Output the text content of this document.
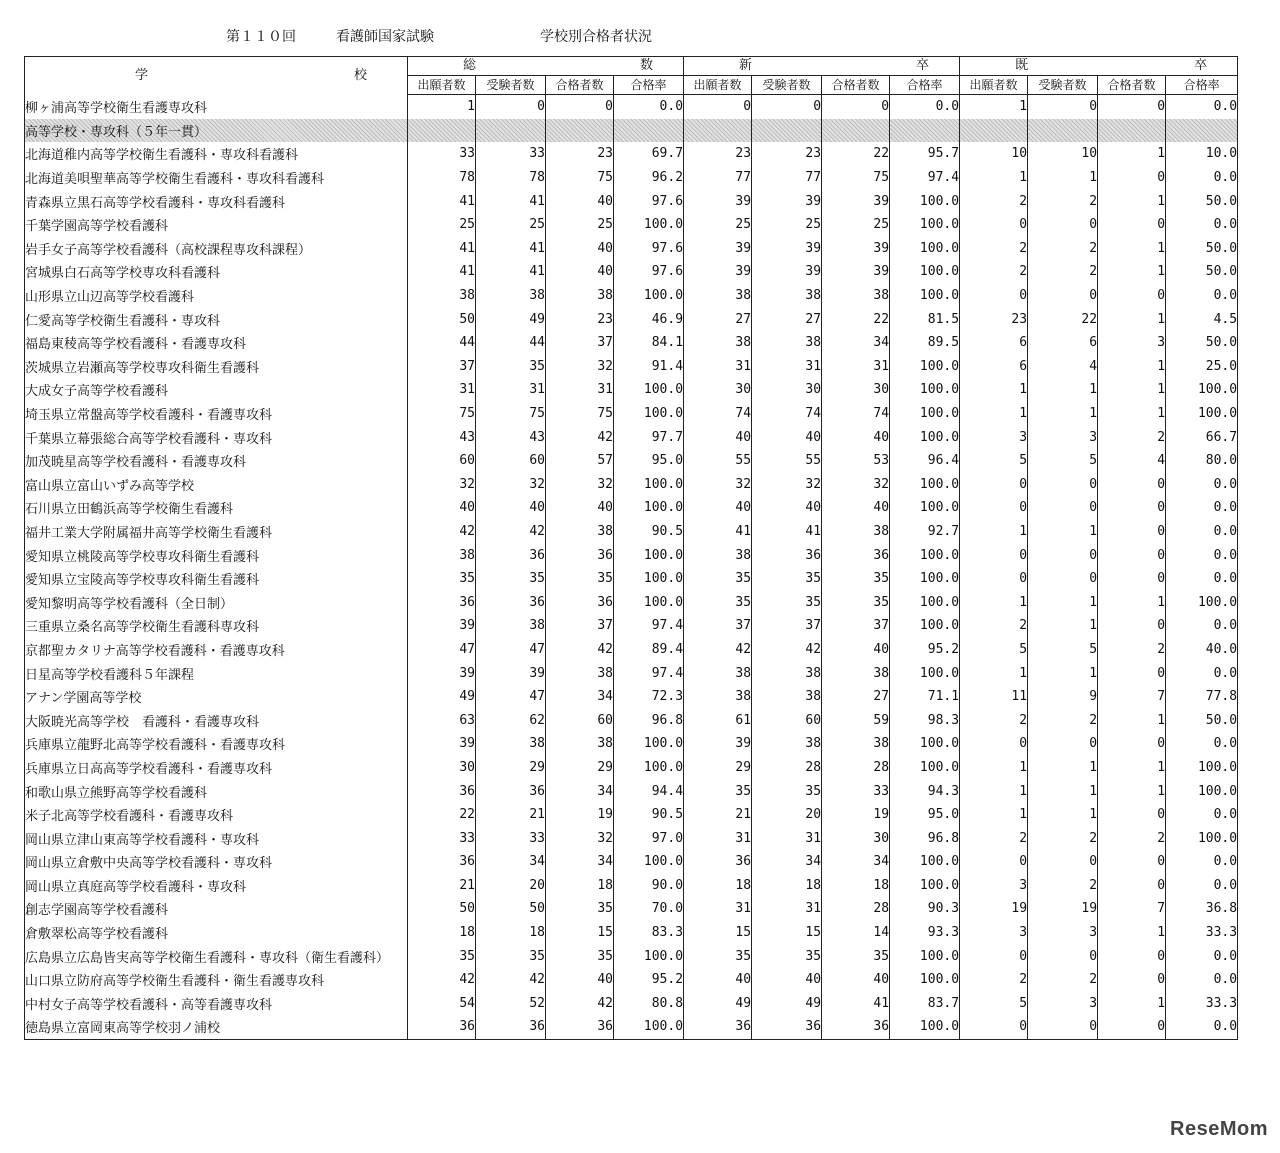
第１１０回	看護師国家試験	学校別合格者状況
学 校	総 数				新 卒				既 卒			

	出願者数	受験者数	合格者数	合格率	出願者数	受験者数	合格者数	合格率	出願者数	受験者数	合格者数	合格率
柳ヶ浦高等学校衛生看護専攻科	1	0	0	0.0	0	0	0	0.0	1	0	0	0.0
高等学校・専攻科（５年一貫）												
北海道稚内高等学校衛生看護科・専攻科看護科	33	33	23	69.7	23	23	22	95.7	10	10	1	10.0
北海道美唄聖華高等学校衛生看護科・専攻科看護科	78	78	75	96.2	77	77	75	97.4	1	1	0	0.0
青森県立黒石高等学校看護科・専攻科看護科	41	41	40	97.6	39	39	39	100.0	2	2	1	50.0
千葉学園高等学校看護科	25	25	25	100.0	25	25	25	100.0	0	0	0	0.0
岩手女子高等学校看護科（高校課程専攻科課程）	41	41	40	97.6	39	39	39	100.0	2	2	1	50.0
宮城県白石高等学校専攻科看護科	41	41	40	97.6	39	39	39	100.0	2	2	1	50.0
山形県立山辺高等学校看護科	38	38	38	100.0	38	38	38	100.0	0	0	0	0.0
仁愛高等学校衛生看護科・専攻科	50	49	23	46.9	27	27	22	81.5	23	22	1	4.5
福島東稜高等学校看護科・看護専攻科	44	44	37	84.1	38	38	34	89.5	6	6	3	50.0
茨城県立岩瀬高等学校専攻科衛生看護科	37	35	32	91.4	31	31	31	100.0	6	4	1	25.0
大成女子高等学校看護科	31	31	31	100.0	30	30	30	100.0	1	1	1	100.0
埼玉県立常盤高等学校看護科・看護専攻科	75	75	75	100.0	74	74	74	100.0	1	1	1	100.0
千葉県立幕張総合高等学校看護科・専攻科	43	43	42	97.7	40	40	40	100.0	3	3	2	66.7
加茂暁星高等学校看護科・看護専攻科	60	60	57	95.0	55	55	53	96.4	5	5	4	80.0
富山県立富山いずみ高等学校	32	32	32	100.0	32	32	32	100.0	0	0	0	0.0
石川県立田鶴浜高等学校衛生看護科	40	40	40	100.0	40	40	40	100.0	0	0	0	0.0
福井工業大学附属福井高等学校衛生看護科	42	42	38	90.5	41	41	38	92.7	1	1	0	0.0
愛知県立桃陵高等学校専攻科衛生看護科	38	36	36	100.0	38	36	36	100.0	0	0	0	0.0
愛知県立宝陵高等学校専攻科衛生看護科	35	35	35	100.0	35	35	35	100.0	0	0	0	0.0
愛知黎明高等学校看護科（全日制）	36	36	36	100.0	35	35	35	100.0	1	1	1	100.0
三重県立桑名高等学校衛生看護科専攻科	39	38	37	97.4	37	37	37	100.0	2	1	0	0.0
京都聖カタリナ高等学校看護科・看護専攻科	47	47	42	89.4	42	42	40	95.2	5	5	2	40.0
日星高等学校看護科５年課程	39	39	38	97.4	38	38	38	100.0	1	1	0	0.0
アナン学園高等学校	49	47	34	72.3	38	38	27	71.1	11	9	7	77.8
大阪暁光高等学校　看護科・看護専攻科	63	62	60	96.8	61	60	59	98.3	2	2	1	50.0
兵庫県立龍野北高等学校看護科・看護専攻科	39	38	38	100.0	39	38	38	100.0	0	0	0	0.0
兵庫県立日高高等学校看護科・看護専攻科	30	29	29	100.0	29	28	28	100.0	1	1	1	100.0
和歌山県立熊野高等学校看護科	36	36	34	94.4	35	35	33	94.3	1	1	1	100.0
米子北高等学校看護科・看護専攻科	22	21	19	90.5	21	20	19	95.0	1	1	0	0.0
岡山県立津山東高等学校看護科・専攻科	33	33	32	97.0	31	31	30	96.8	2	2	2	100.0
岡山県立倉敷中央高等学校看護科・専攻科	36	34	34	100.0	36	34	34	100.0	0	0	0	0.0
岡山県立真庭高等学校看護科・専攻科	21	20	18	90.0	18	18	18	100.0	3	2	0	0.0
創志学園高等学校看護科	50	50	35	70.0	31	31	28	90.3	19	19	7	36.8
倉敷翠松高等学校看護科	18	18	15	83.3	15	15	14	93.3	3	3	1	33.3
広島県立広島皆実高等学校衛生看護科・専攻科（衛生看護科）	35	35	35	100.0	35	35	35	100.0	0	0	0	0.0
山口県立防府高等学校衛生看護科・衛生看護専攻科	42	42	40	95.2	40	40	40	100.0	2	2	0	0.0
中村女子高等学校看護科・高等看護専攻科	54	52	42	80.8	49	49	41	83.7	5	3	1	33.3
徳島県立富岡東高等学校羽ノ浦校	36	36	36	100.0	36	36	36	100.0	0	0	0	0.0
ReseMom
